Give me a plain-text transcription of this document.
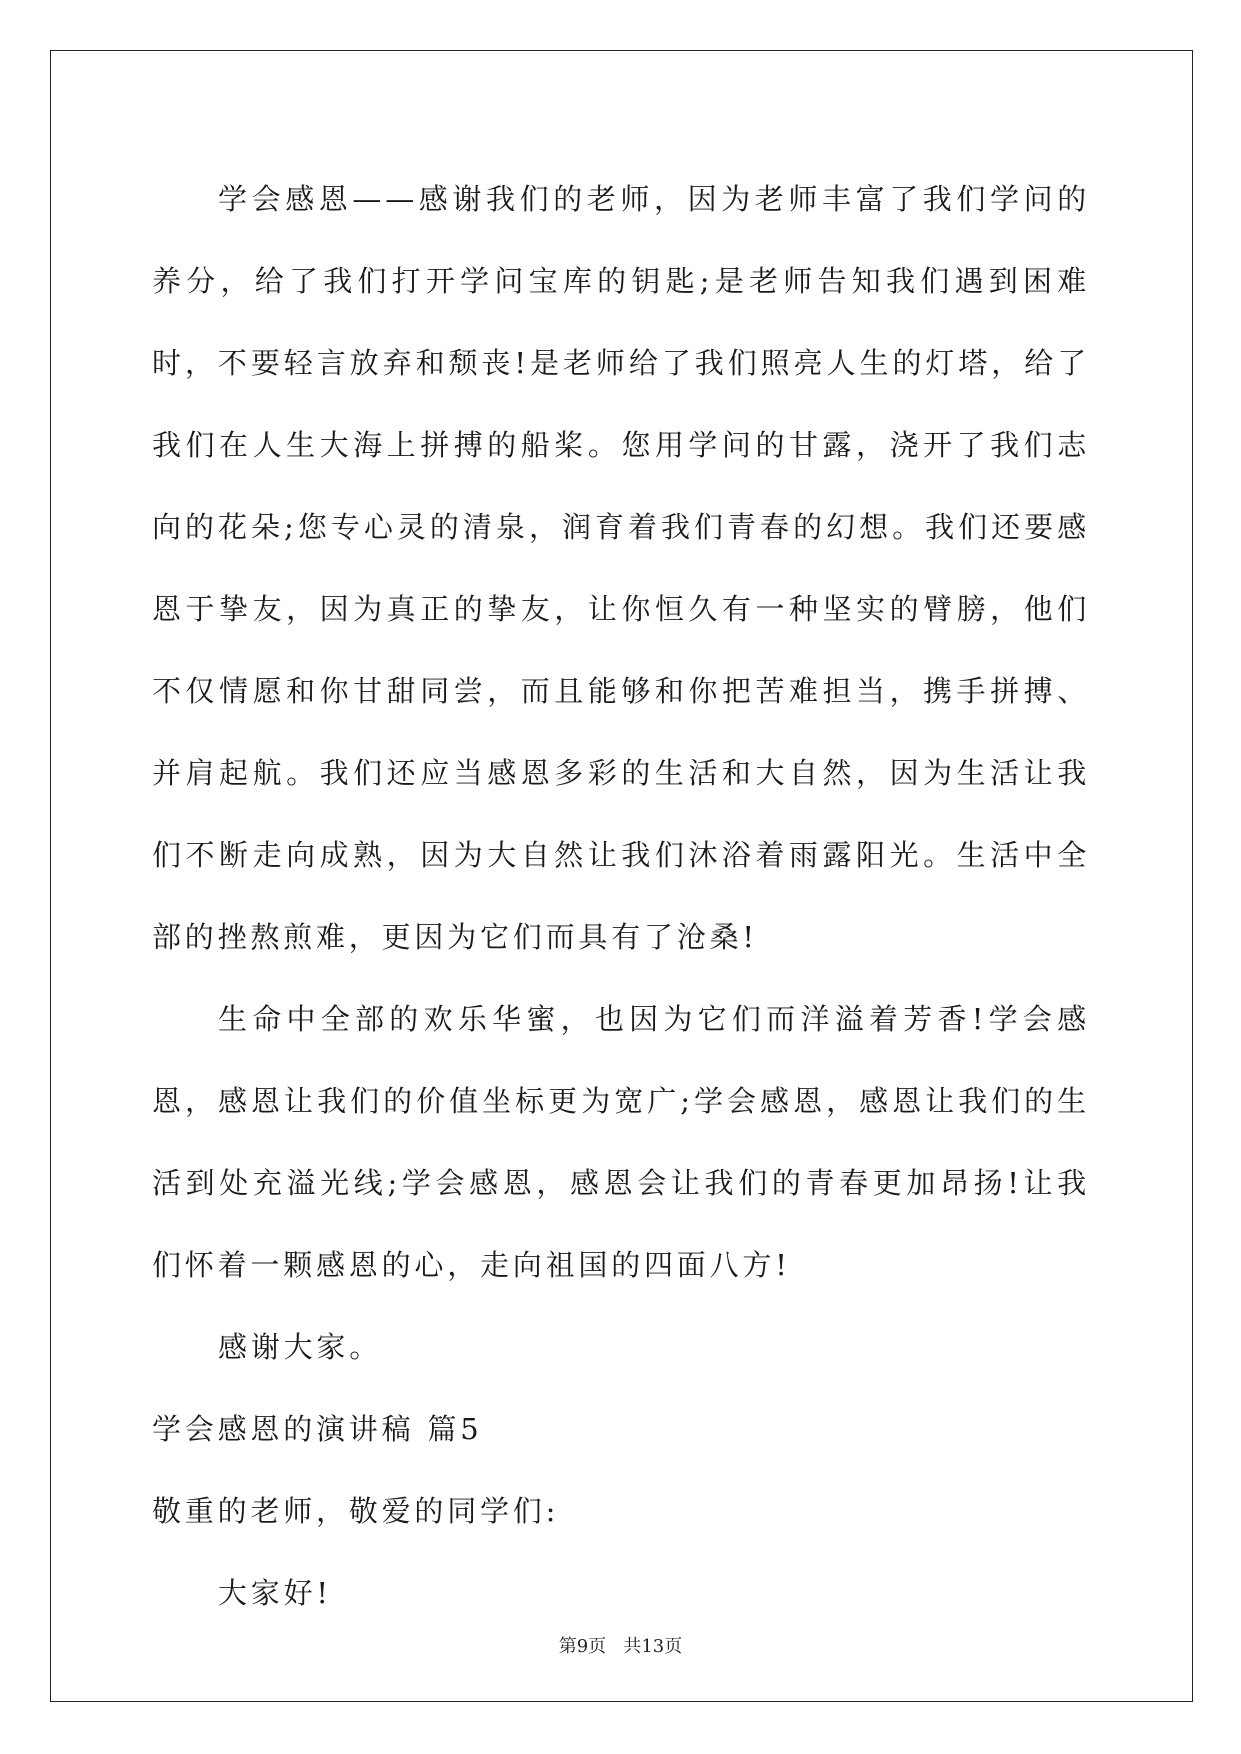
学会感恩——感谢我们的老师，因为老师丰富了我们学问的养分，给了我们打开学问宝库的钥匙;是老师告知我们遇到困难时，不要轻言放弃和颓丧!是老师给了我们照亮人生的灯塔，给了我们在人生大海上拼搏的船桨。您用学问的甘露，浇开了我们志向的花朵;您专心灵的清泉，润育着我们青春的幻想。我们还要感恩于挚友，因为真正的挚友，让你恒久有一种坚实的臂膀，他们不仅情愿和你甘甜同尝，而且能够和你把苦难担当，携手拼搏、并肩起航。我们还应当感恩多彩的生活和大自然，因为生活让我们不断走向成熟，因为大自然让我们沐浴着雨露阳光。生活中全部的挫熬煎难，更因为它们而具有了沧桑!

生命中全部的欢乐华蜜，也因为它们而洋溢着芳香!学会感恩，感恩让我们的价值坐标更为宽广;学会感恩，感恩让我们的生活到处充溢光线;学会感恩，感恩会让我们的青春更加昂扬!让我们怀着一颗感恩的心，走向祖国的四面八方!

感谢大家。

学会感恩的演讲稿 篇5

敬重的老师，敬爱的同学们:

大家好!

第9页 共13页
